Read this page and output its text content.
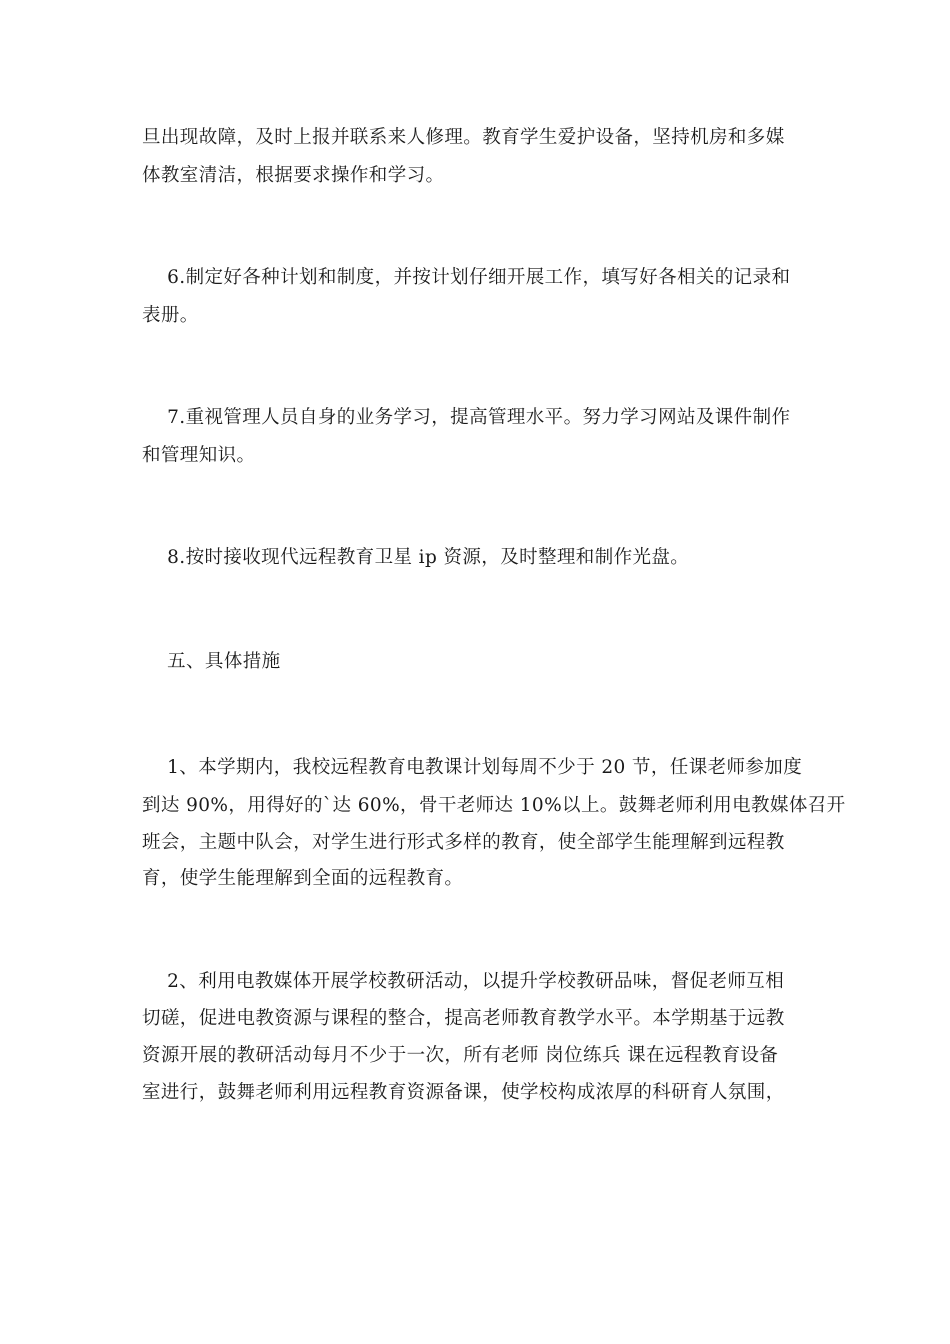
旦出现故障，及时上报并联系来人修理。教育学生爱护设备，坚持机房和多媒
体教室清洁，根据要求操作和学习。
6.制定好各种计划和制度，并按计划仔细开展工作，填写好各相关的记录和
表册。
7.重视管理人员自身的业务学习，提高管理水平。努力学习网站及课件制作
和管理知识。
8.按时接收现代远程教育卫星 ip 资源，及时整理和制作光盘。
五、具体措施
1、本学期内，我校远程教育电教课计划每周不少于 20 节，任课老师参加度
到达 90%，用得好的`达 60%，骨干老师达 10%以上。鼓舞老师利用电教媒体召开
班会，主题中队会，对学生进行形式多样的教育，使全部学生能理解到远程教
育，使学生能理解到全面的远程教育。
2、利用电教媒体开展学校教研活动，以提升学校教研品味，督促老师互相
切磋，促进电教资源与课程的整合，提高老师教育教学水平。本学期基于远教
资源开展的教研活动每月不少于一次，所有老师 岗位练兵 课在远程教育设备
室进行，鼓舞老师利用远程教育资源备课，使学校构成浓厚的科研育人氛围，
